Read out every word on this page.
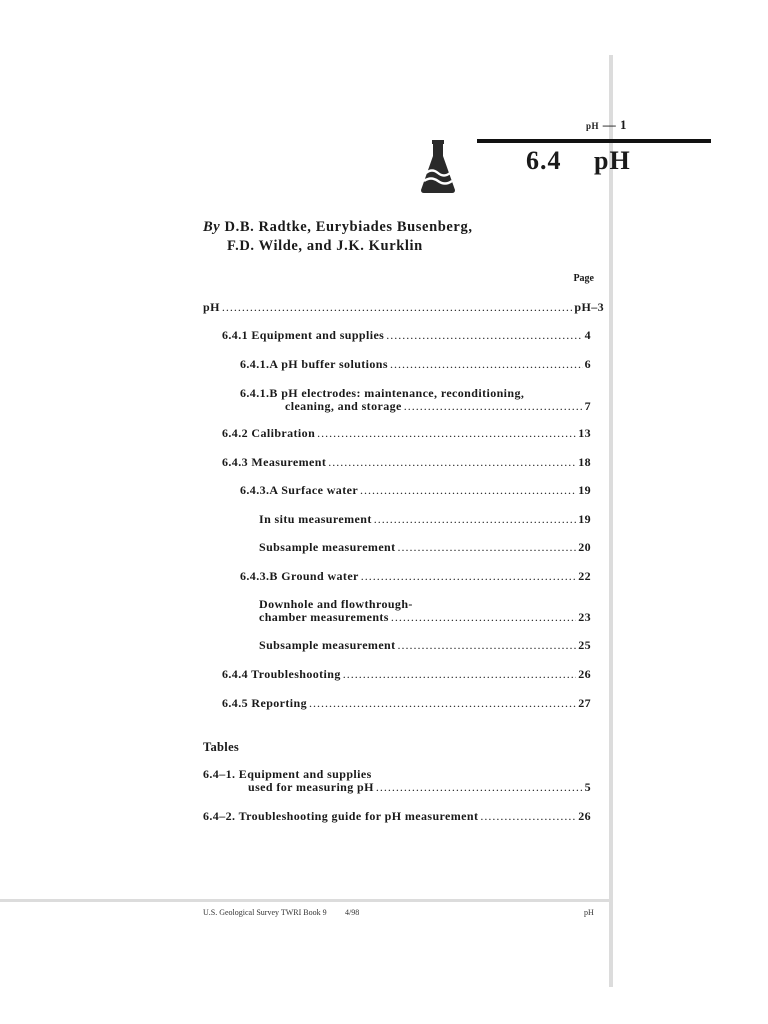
pH — 1
6.4 pH
By D.B. Radtke, Eurybiades Busenberg,
F.D. Wilde, and J.K. Kurklin
Page
pH .....	pH–3
6.4.1 Equipment and supplies .....	4
6.4.1.A pH buffer solutions .....	6
6.4.1.B pH electrodes: maintenance, reconditioning,
cleaning, and storage .....	7
6.4.2 Calibration .....	13
6.4.3 Measurement .....	18
6.4.3.A Surface water .....	19
In situ measurement .....	19
Subsample measurement .....	20
6.4.3.B Ground water .....	22
Downhole and flowthrough-
chamber measurements .....	23
Subsample measurement .....	25
6.4.4 Troubleshooting .....	26
6.4.5 Reporting .....	27
Tables
6.4–1. Equipment and supplies
used for measuring pH .....	5
6.4–2. Troubleshooting guide for pH measurement .....	26
U.S. Geological Survey TWRI Book 9 4/98	pH
